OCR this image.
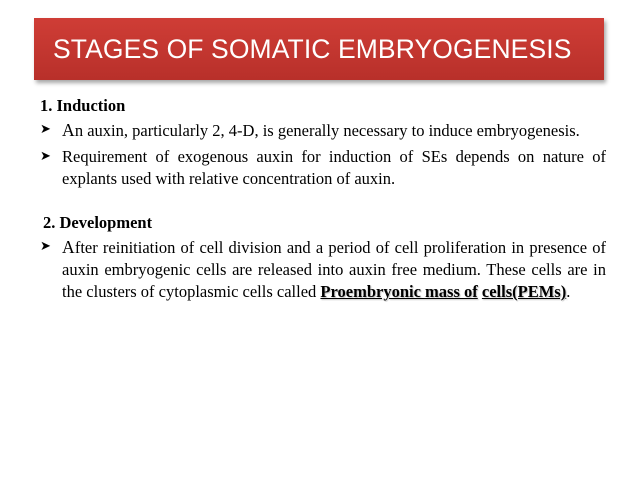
STAGES OF SOMATIC EMBRYOGENESIS

1. Induction

➤ An auxin, particularly 2, 4-D, is generally necessary to induce embryogenesis.
➤ Requirement of exogenous auxin for induction of SEs depends on nature of explants used with relative concentration of auxin.

2. Development

➤ After reinitiation of cell division and a period of cell proliferation in presence of auxin embryogenic cells are released into auxin free medium. These cells are in the clusters of cytoplasmic cells called Proembryonic mass of cells(PEMs).
